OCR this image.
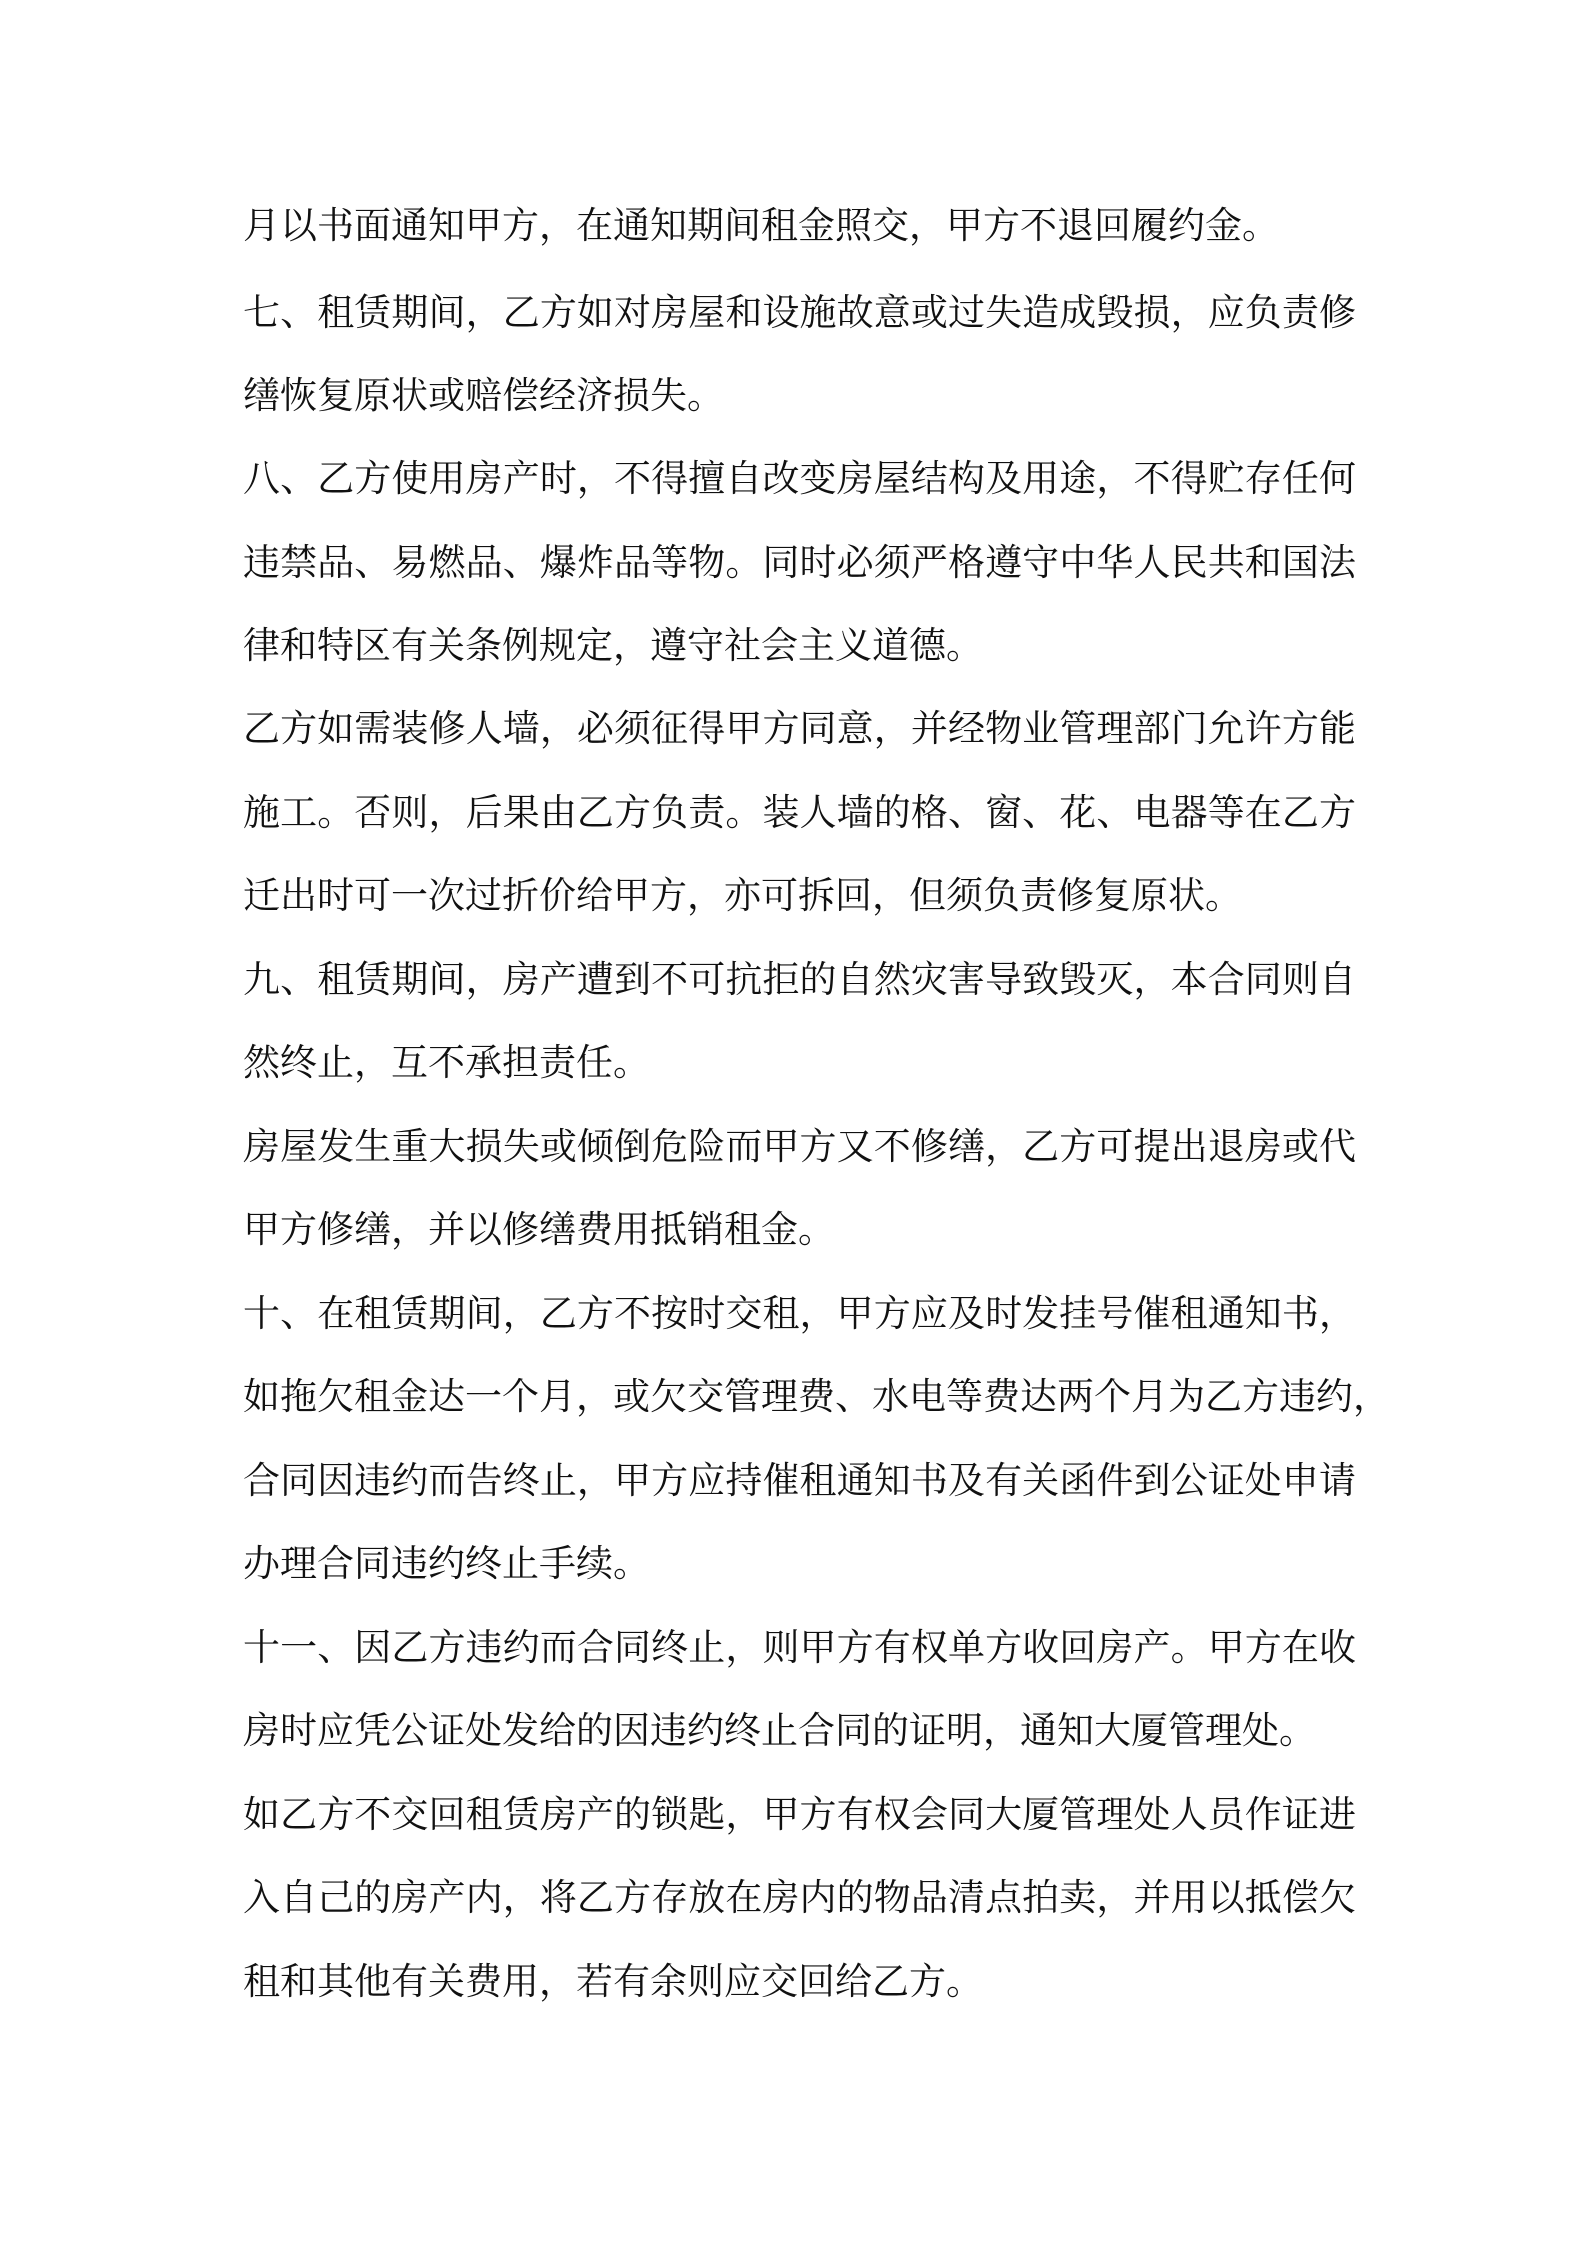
月以书面通知甲方，在通知期间租金照交，甲方不退回履约金。
七、租赁期间，乙方如对房屋和设施故意或过失造成毁损，应负责修
缮恢复原状或赔偿经济损失。
八、乙方使用房产时，不得擅自改变房屋结构及用途，不得贮存任何
违禁品、易燃品、爆炸品等物。同时必须严格遵守中华人民共和国法
律和特区有关条例规定，遵守社会主义道德。
乙方如需装修人墙，必须征得甲方同意，并经物业管理部门允许方能
施工。否则，后果由乙方负责。装人墙的格、窗、花、电器等在乙方
迁出时可一次过折价给甲方，亦可拆回，但须负责修复原状。
九、租赁期间，房产遭到不可抗拒的自然灾害导致毁灭，本合同则自
然终止，互不承担责任。
房屋发生重大损失或倾倒危险而甲方又不修缮，乙方可提出退房或代
甲方修缮，并以修缮费用抵销租金。
十、在租赁期间，乙方不按时交租，甲方应及时发挂号催租通知书，
如拖欠租金达一个月，或欠交管理费、水电等费达两个月为乙方违约，
合同因违约而告终止，甲方应持催租通知书及有关函件到公证处申请
办理合同违约终止手续。
十一、因乙方违约而合同终止，则甲方有权单方收回房产。甲方在收
房时应凭公证处发给的因违约终止合同的证明，通知大厦管理处。
如乙方不交回租赁房产的锁匙，甲方有权会同大厦管理处人员作证进
入自己的房产内，将乙方存放在房内的物品清点拍卖，并用以抵偿欠
租和其他有关费用，若有余则应交回给乙方。
